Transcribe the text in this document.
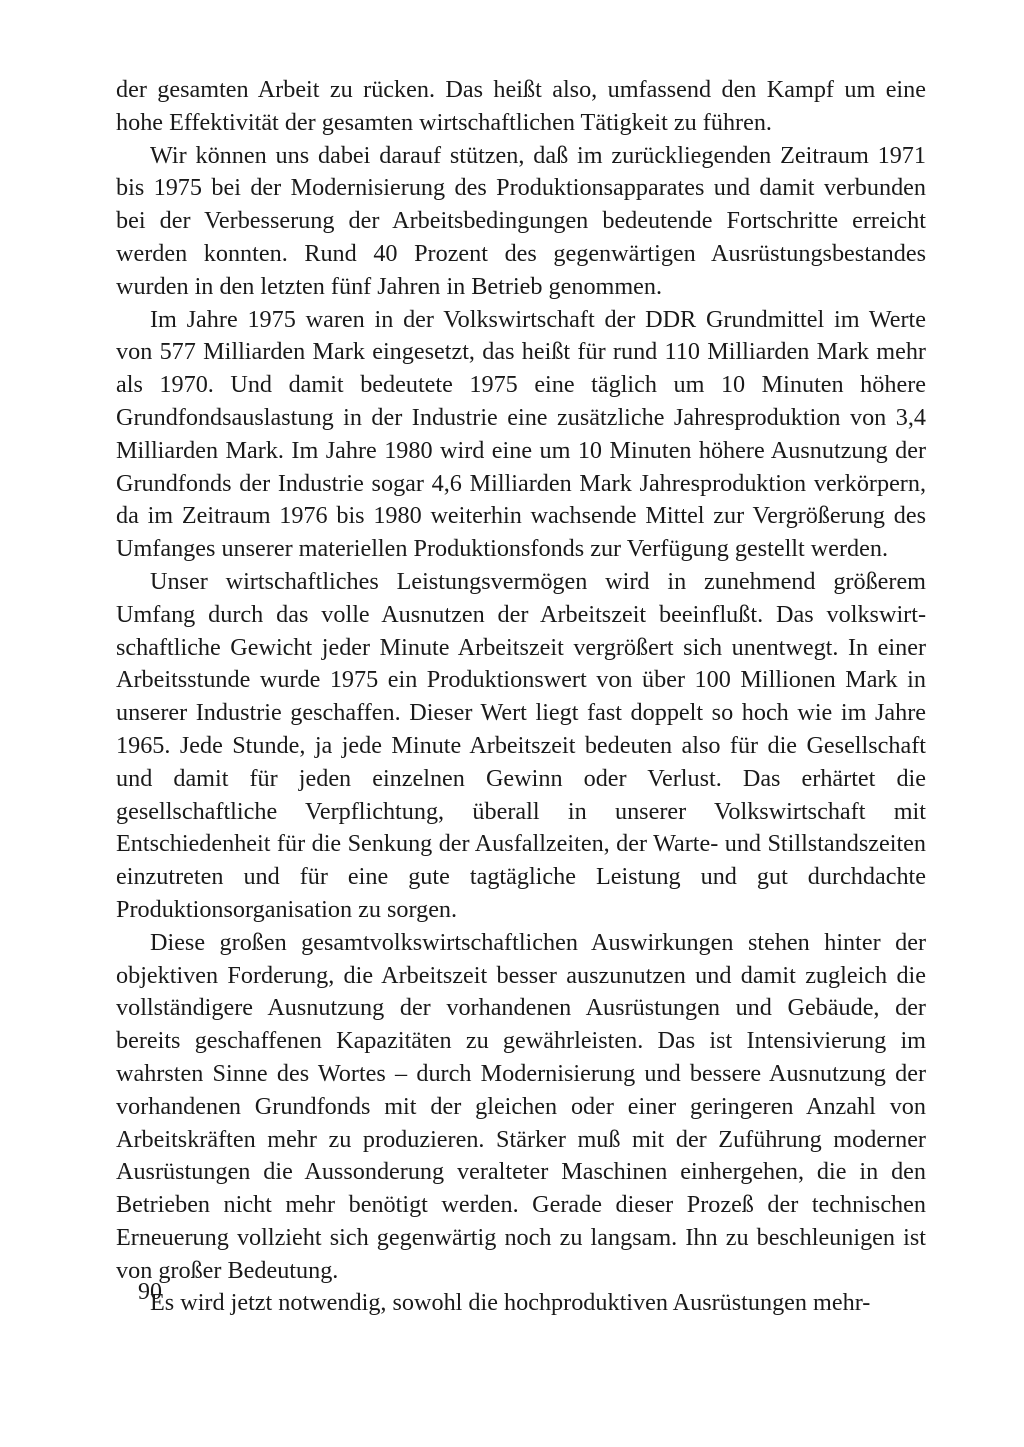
der gesamten Arbeit zu rücken. Das heißt also, umfassend den Kampf um eine hohe Effektivität der gesamten wirtschaftlichen Tätigkeit zu führen.

Wir können uns dabei darauf stützen, daß im zurückliegenden Zeitraum 1971 bis 1975 bei der Modernisierung des Produktionsapparates und damit verbunden bei der Verbesserung der Arbeitsbedingungen bedeutende Fortschritte erreicht werden konnten. Rund 40 Prozent des gegenwärtigen Ausrüstungsbestandes wurden in den letzten fünf Jahren in Betrieb genommen.

Im Jahre 1975 waren in der Volkswirtschaft der DDR Grundmittel im Werte von 577 Milliarden Mark eingesetzt, das heißt für rund 110 Milliarden Mark mehr als 1970. Und damit bedeutete 1975 eine täglich um 10 Minuten höhere Grundfondsauslastung in der Industrie eine zusätzliche Jahresproduktion von 3,4 Milliarden Mark. Im Jahre 1980 wird eine um 10 Minuten höhere Ausnutzung der Grundfonds der Industrie sogar 4,6 Milliarden Mark Jahresproduktion verkörpern, da im Zeitraum 1976 bis 1980 weiterhin wachsende Mittel zur Vergrößerung des Umfanges unserer materiellen Produktionsfonds zur Verfügung gestellt werden.

Unser wirtschaftliches Leistungsvermögen wird in zunehmend größerem Umfang durch das volle Ausnutzen der Arbeitszeit beeinflußt. Das volkswirtschaftliche Gewicht jeder Minute Arbeitszeit vergrößert sich unentwegt. In einer Arbeitsstunde wurde 1975 ein Produktionswert von über 100 Millionen Mark in unserer Industrie geschaffen. Dieser Wert liegt fast doppelt so hoch wie im Jahre 1965. Jede Stunde, ja jede Minute Arbeitszeit bedeuten also für die Gesellschaft und damit für jeden einzelnen Gewinn oder Verlust. Das erhärtet die gesellschaftliche Verpflichtung, überall in unserer Volkswirtschaft mit Entschiedenheit für die Senkung der Ausfallzeiten, der Warte- und Stillstandszeiten einzutreten und für eine gute tagtägliche Leistung und gut durchdachte Produktionsorganisation zu sorgen.

Diese großen gesamtvolkswirtschaftlichen Auswirkungen stehen hinter der objektiven Forderung, die Arbeitszeit besser auszunutzen und damit zugleich die vollständigere Ausnutzung der vorhandenen Ausrüstungen und Gebäude, der bereits geschaffenen Kapazitäten zu gewährleisten. Das ist Intensivierung im wahrsten Sinne des Wortes – durch Modernisierung und bessere Ausnutzung der vorhandenen Grundfonds mit der gleichen oder einer geringeren Anzahl von Arbeitskräften mehr zu produzieren. Stärker muß mit der Zuführung moderner Ausrüstungen die Aussonderung veralteter Maschinen einhergehen, die in den Betrieben nicht mehr benötigt werden. Gerade dieser Prozeß der technischen Erneuerung vollzieht sich gegenwärtig noch zu langsam. Ihn zu beschleunigen ist von großer Bedeutung.

Es wird jetzt notwendig, sowohl die hochproduktiven Ausrüstungen mehr-

90
